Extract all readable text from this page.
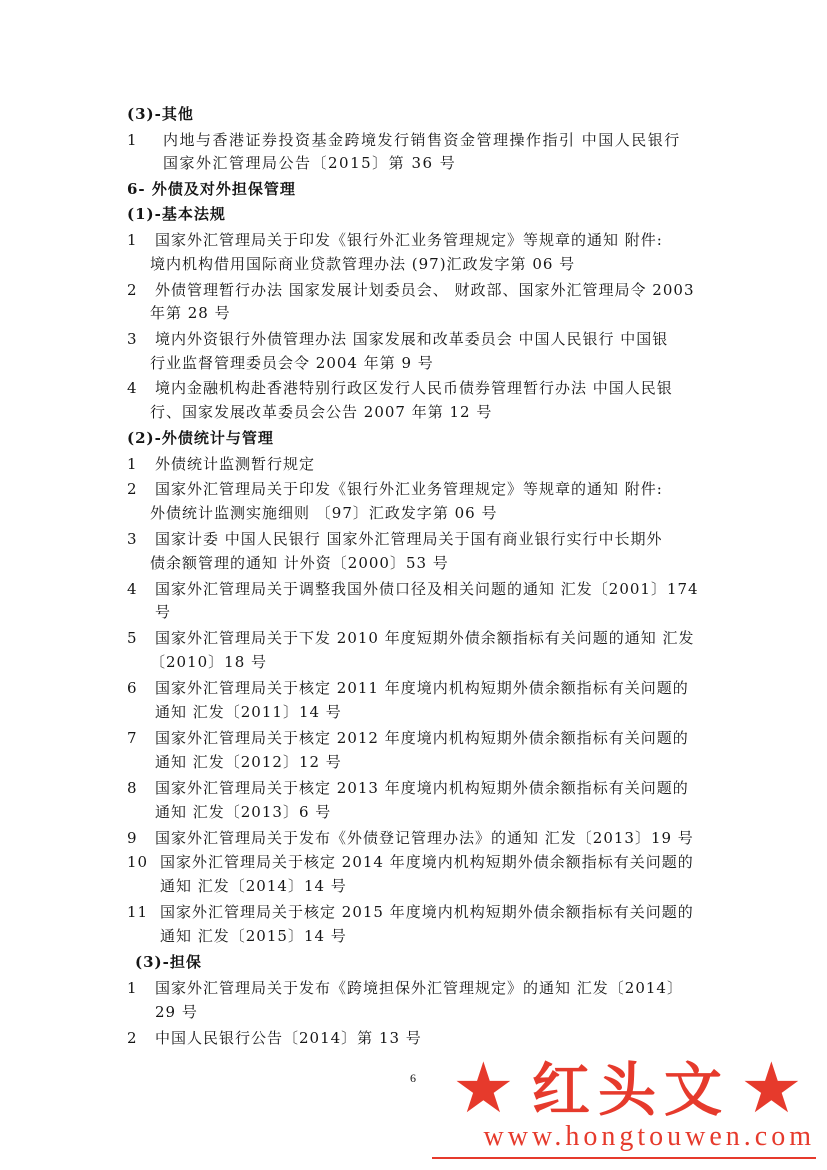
(3)-其他
1 内地与香港证券投资基金跨境发行销售资金管理操作指引 中国人民银行
国家外汇管理局公告〔2015〕第 36 号
6- 外债及对外担保管理
(1)-基本法规
1 国家外汇管理局关于印发《银行外汇业务管理规定》等规章的通知 附件:
境内机构借用国际商业贷款管理办法 (97)汇政发字第 06 号
2 外债管理暂行办法 国家发展计划委员会、 财政部、国家外汇管理局令 2003
年第 28 号
3 境内外资银行外债管理办法 国家发展和改革委员会 中国人民银行 中国银
行业监督管理委员会令 2004 年第 9 号
4 境内金融机构赴香港特别行政区发行人民币债券管理暂行办法 中国人民银
行、国家发展改革委员会公告 2007 年第 12 号
(2)-外债统计与管理
1 外债统计监测暂行规定
2 国家外汇管理局关于印发《银行外汇业务管理规定》等规章的通知 附件:
外债统计监测实施细则 〔97〕汇政发字第 06 号
3 国家计委 中国人民银行 国家外汇管理局关于国有商业银行实行中长期外
债余额管理的通知 计外资〔2000〕53 号
4 国家外汇管理局关于调整我国外债口径及相关问题的通知 汇发〔2001〕174
号
5 国家外汇管理局关于下发 2010 年度短期外债余额指标有关问题的通知 汇发
〔2010〕18 号
6 国家外汇管理局关于核定 2011 年度境内机构短期外债余额指标有关问题的
通知 汇发〔2011〕14 号
7 国家外汇管理局关于核定 2012 年度境内机构短期外债余额指标有关问题的
通知 汇发〔2012〕12 号
8 国家外汇管理局关于核定 2013 年度境内机构短期外债余额指标有关问题的
通知 汇发〔2013〕6 号
9 国家外汇管理局关于发布《外债登记管理办法》的通知 汇发〔2013〕19 号
10 国家外汇管理局关于核定 2014 年度境内机构短期外债余额指标有关问题的
通知 汇发〔2014〕14 号
11 国家外汇管理局关于核定 2015 年度境内机构短期外债余额指标有关问题的
通知 汇发〔2015〕14 号
(3)-担保
1 国家外汇管理局关于发布《跨境担保外汇管理规定》的通知 汇发〔2014〕
29 号
2 中国人民银行公告〔2014〕第 13 号
6 ★ 红头文 ★
www.hongtouwen.com
